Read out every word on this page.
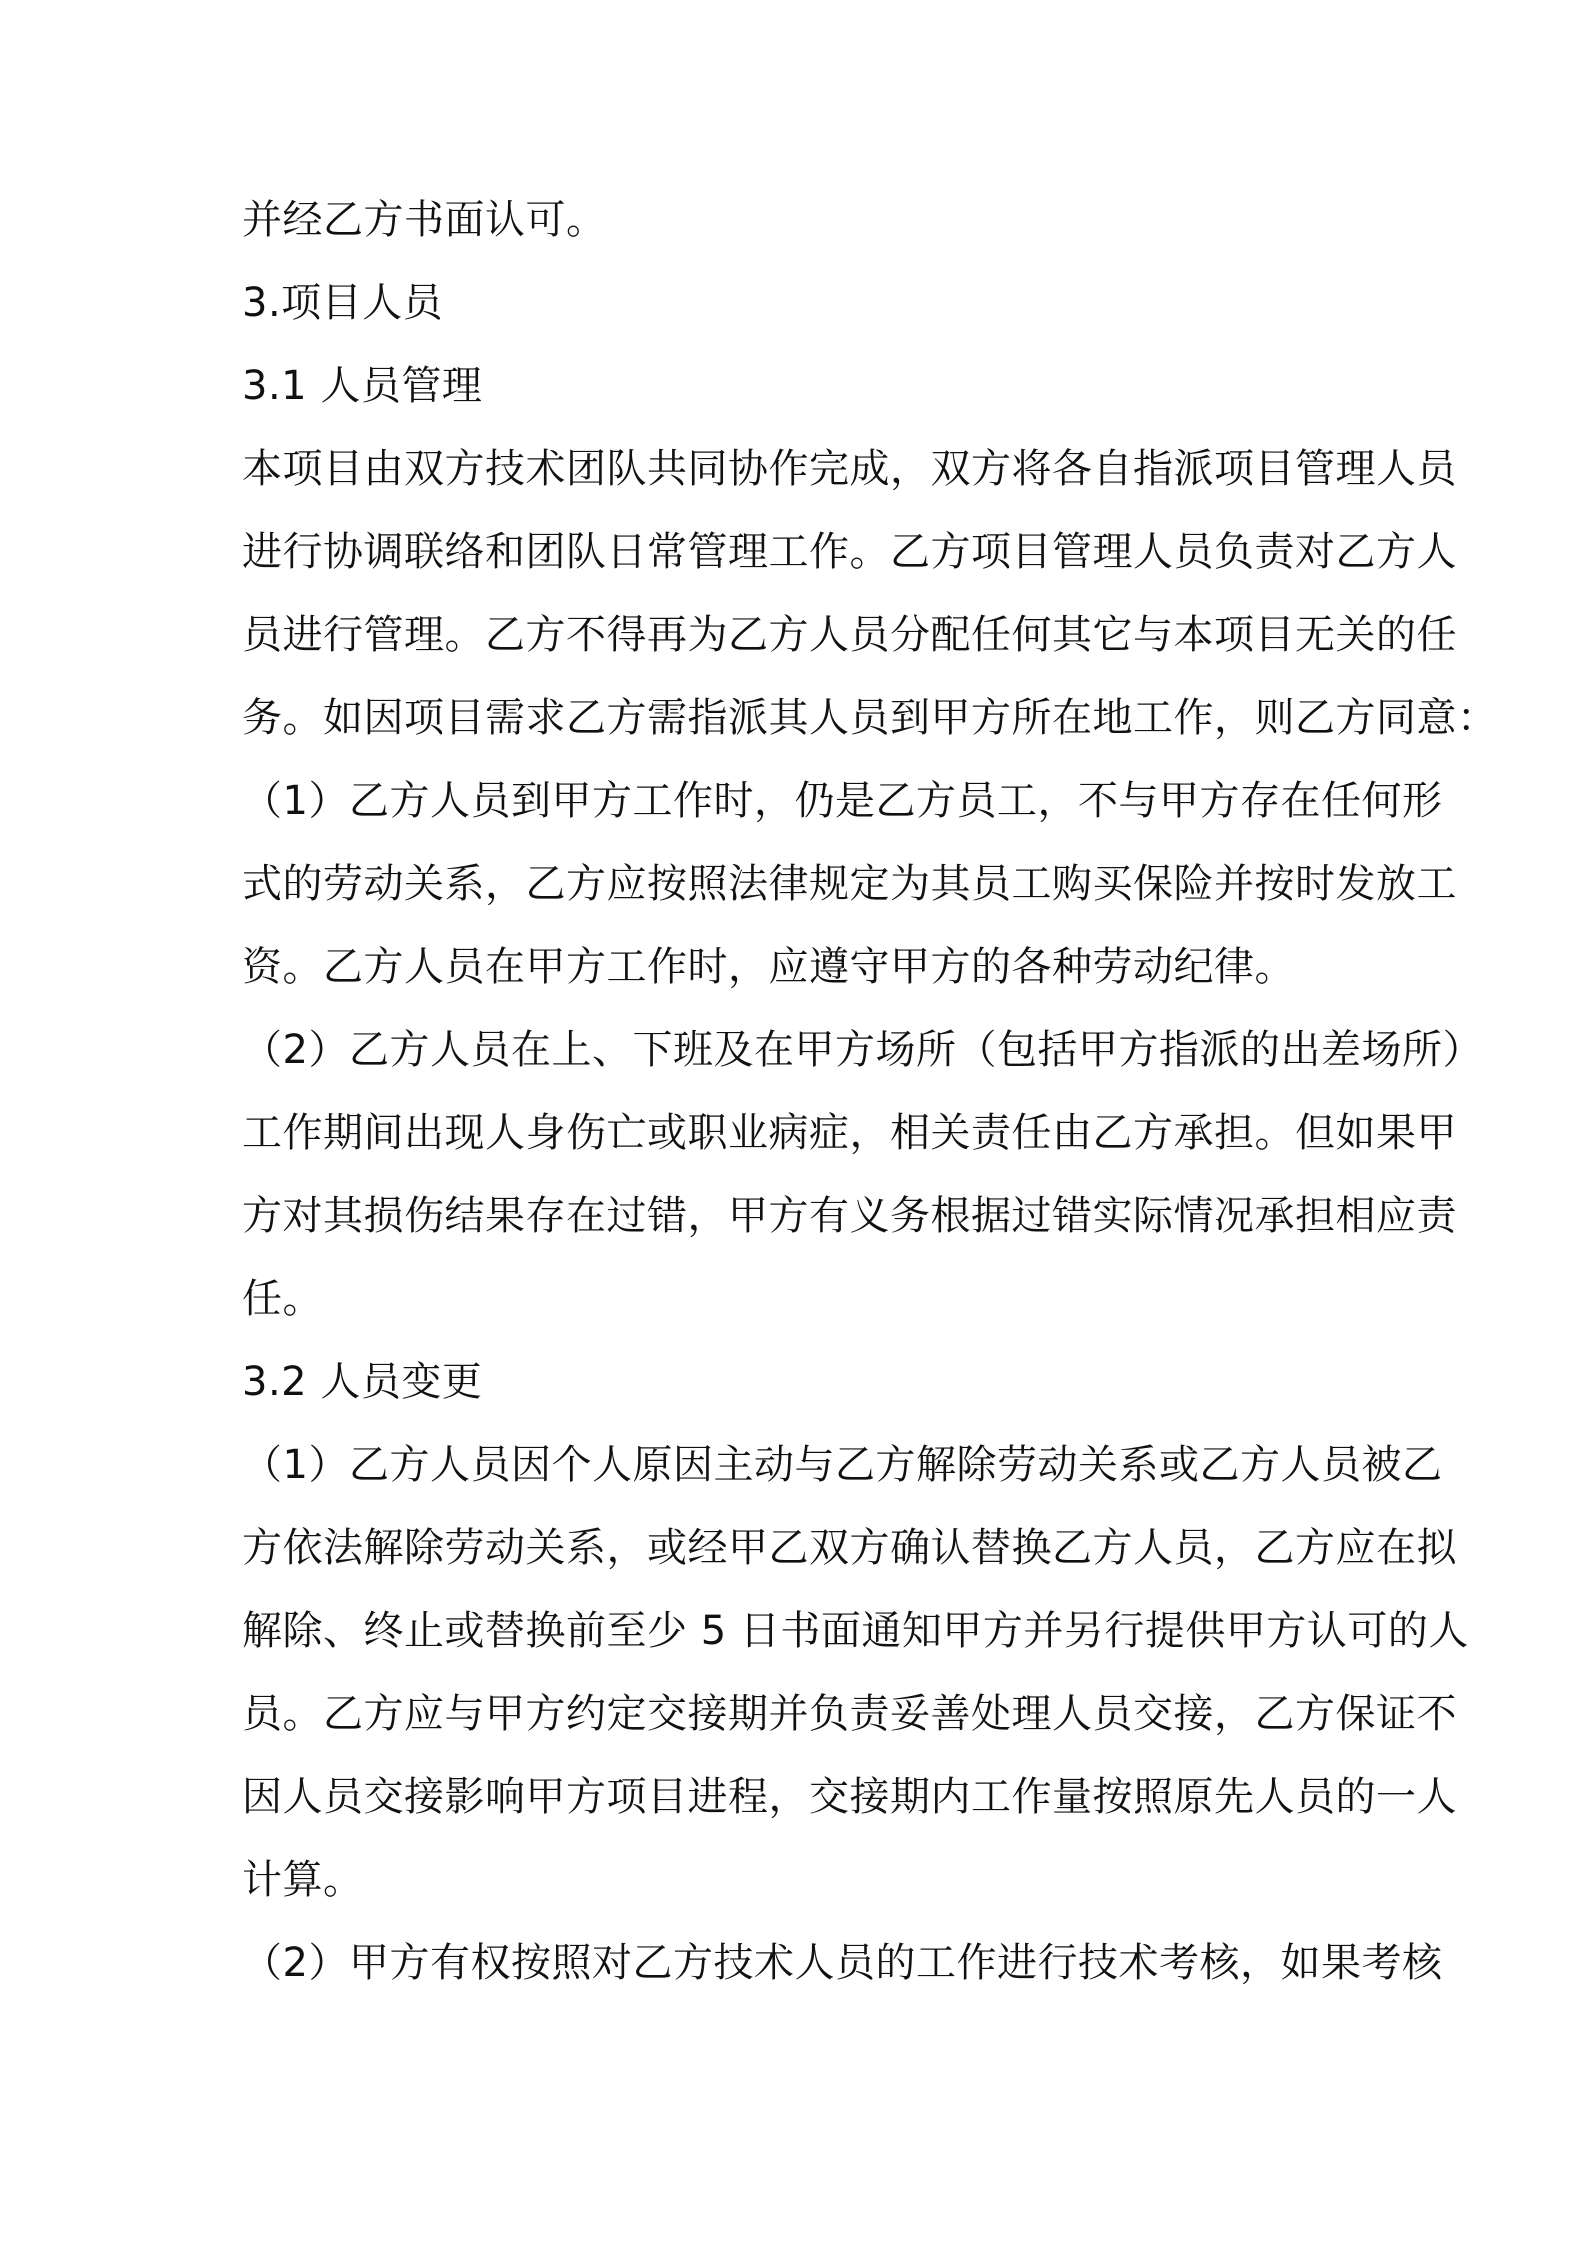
并经乙方书面认可。

3.项目人员

3.1 人员管理

本项目由双方技术团队共同协作完成，双方将各自指派项目管理人员

进行协调联络和团队日常管理工作。乙方项目管理人员负责对乙方人

员进行管理。乙方不得再为乙方人员分配任何其它与本项目无关的任

务。如因项目需求乙方需指派其人员到甲方所在地工作，则乙方同意：

（1）乙方人员到甲方工作时，仍是乙方员工，不与甲方存在任何形

式的劳动关系，乙方应按照法律规定为其员工购买保险并按时发放工

资。乙方人员在甲方工作时，应遵守甲方的各种劳动纪律。

（2）乙方人员在上、下班及在甲方场所（包括甲方指派的出差场所）

工作期间出现人身伤亡或职业病症，相关责任由乙方承担。但如果甲

方对其损伤结果存在过错，甲方有义务根据过错实际情况承担相应责

任。

3.2 人员变更

（1）乙方人员因个人原因主动与乙方解除劳动关系或乙方人员被乙

方依法解除劳动关系，或经甲乙双方确认替换乙方人员，乙方应在拟

解除、终止或替换前至少 5 日书面通知甲方并另行提供甲方认可的人

员。乙方应与甲方约定交接期并负责妥善处理人员交接，乙方保证不

因人员交接影响甲方项目进程，交接期内工作量按照原先人员的一人

计算。

（2）甲方有权按照对乙方技术人员的工作进行技术考核，如果考核
